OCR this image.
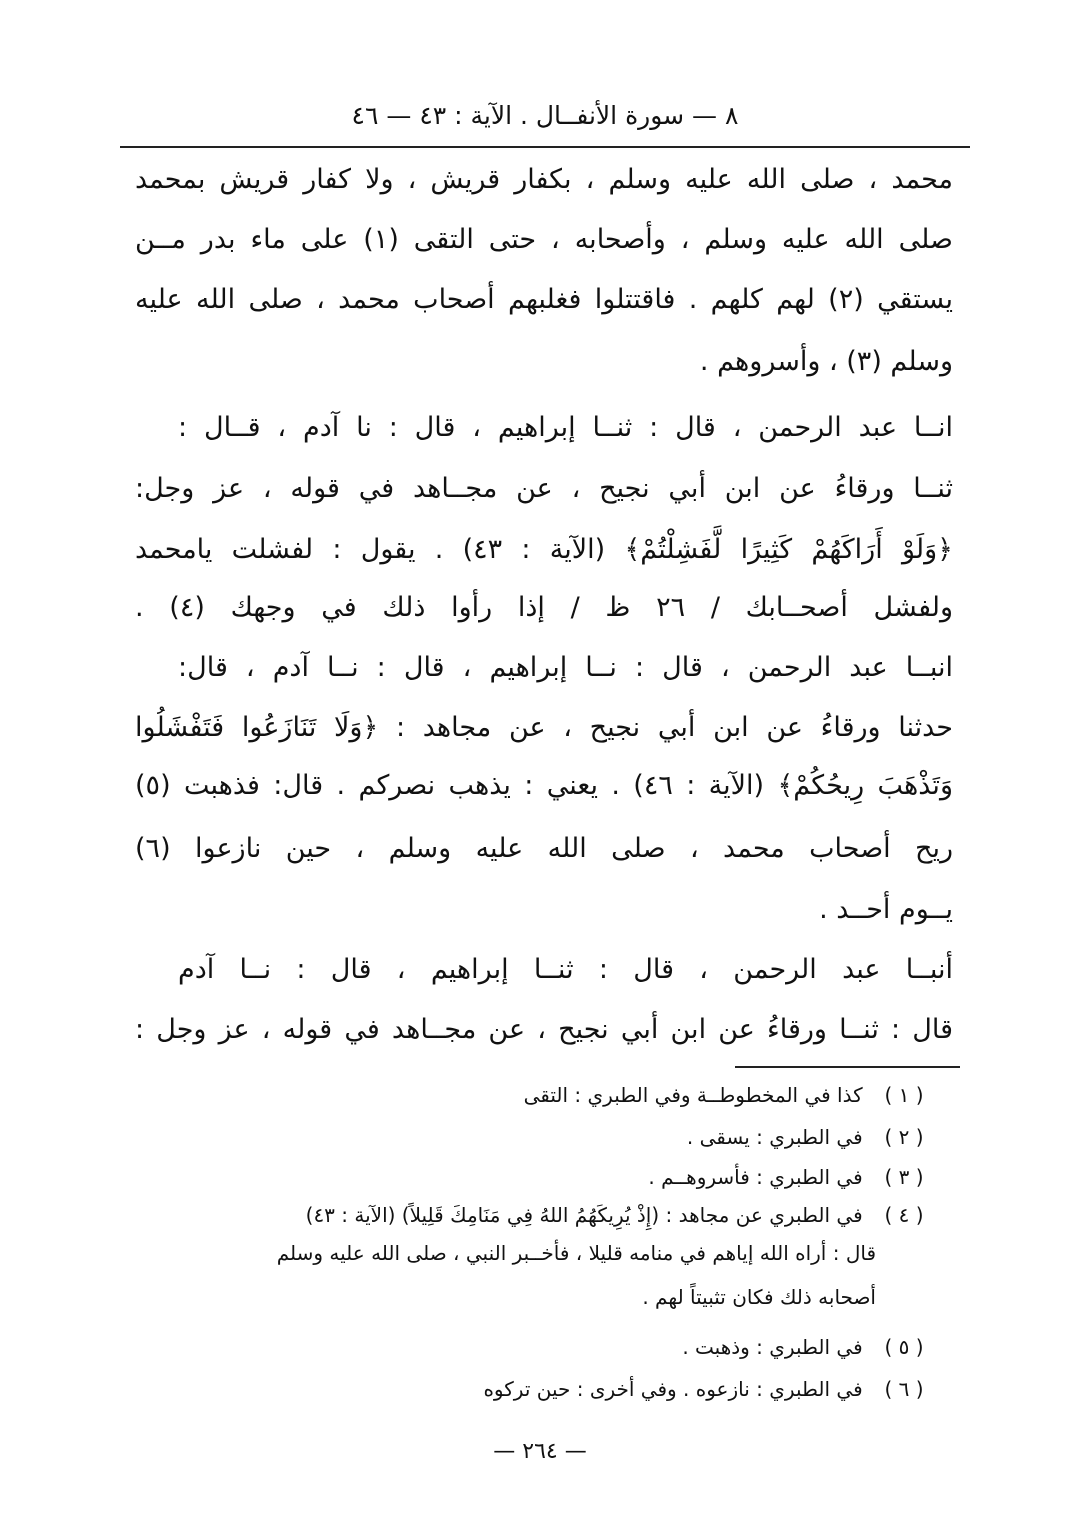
٨ — سورة الأنفــال . الآية : ٤٣ — ٤٦
محمد ، صلى الله عليه وسلم ، بكفار قريش ، ولا كفار قريش بمحمد
صلى الله عليه وسلم ، وأصحابه ، حتى التقى (١) على ماء بدر مــن
يستقي (٢) لهم كلهم . فاقتتلوا فغلبهم أصحاب محمد ، صلى الله عليه
وسلم (٣) ، وأسروهم .
انــا عبد الرحمن ، قال : ثنــا إبراهيم ، قال : نا آدم ، قــال :
ثنــا ورقاءُ عن ابن أبي نجيح ، عن مجــاهد في قوله ، عز وجل:
﴿وَلَوْ أَرَاكَهُمْ كَثِيرًا لَّفَشِلْتُمْ﴾ (الآية : ٤٣) . يقول : لفشلت يامحمد
ولفشل أصحــابك / ٢٦ ظ / إذا رأوا ذلك في وجهك (٤) .
انبــا عبد الرحمن ، قال : نــا إبراهيم ، قال : نــا آدم ، قال:
حدثنا ورقاءُ عن ابن أبي نجيح ، عن مجاهد : ﴿وَلَا تَنَازَعُوا فَتَفْشَلُوا
وَتَذْهَبَ رِيحُكُمْ﴾ (الآية : ٤٦) . يعني : يذهب نصركم . قال: فذهبت (٥)
ريح أصحاب محمد ، صلى الله عليه وسلم ، حين نازعوا (٦)
يــوم أحــد .
أنبــا عبد الرحمن ، قال : ثنــا إبراهيم ، قال : نــا آدم
قال : ثنــا ورقاءُ عن ابن أبي نجيح ، عن مجــاهد في قوله ، عز وجل :
( ١ ) كذا في المخطوطــة وفي الطبري : التقى
( ٢ ) في الطبري : يسقى .
( ٣ ) في الطبري : فأسروهــم .
( ٤ ) في الطبري عن مجاهد : (إِذْ يُرِيكَهُمُ اللهُ فِي مَنَامِكَ قَلِيلاً) (الآية : ٤٣)
قال : أراه الله إياهم في منامه قليلا ، فأخــبر النبي ، صلى الله عليه وسلم
أصحابه ذلك فكان تثبيتاً لهم .
( ٥ ) في الطبري : وذهبت .
( ٦ ) في الطبري : نازعوه . وفي أخرى : حين تركوه
— ٢٦٤ —
